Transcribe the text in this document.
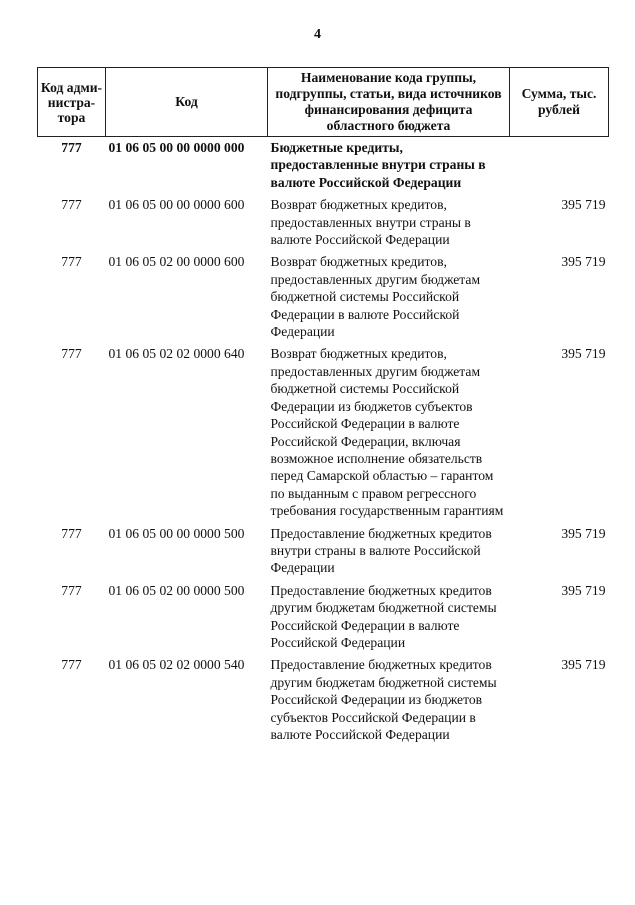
4
Код адми-нистра-тора	Код	Наименование кода группы, подгруппы, статьи, вида источников финансирования дефицита областного бюджета	Сумма, тыс. рублей
777	01 06 05 00 00 0000 000	Бюджетные кредиты, предоставленные внутри страны в валюте Российской Федерации	
777	01 06 05 00 00 0000 600	Возврат бюджетных кредитов, предоставленных внутри страны в валюте Российской Федерации	395 719
777	01 06 05 02 00 0000 600	Возврат бюджетных кредитов, предоставленных другим бюджетам бюджетной системы Российской Федерации в валюте Российской Федерации	395 719
777	01 06 05 02 02 0000 640	Возврат бюджетных кредитов, предоставленных другим бюджетам бюджетной системы Российской Федерации из бюджетов субъектов Российской Федерации в валюте Российской Федерации, включая возможное исполнение обязательств перед Самарской областью – гарантом по выданным с правом регрессного требования государственным гарантиям	395 719
777	01 06 05 00 00 0000 500	Предоставление бюджетных кредитов внутри страны в валюте Российской Федерации	395 719
777	01 06 05 02 00 0000 500	Предоставление бюджетных кредитов другим бюджетам бюджетной системы Российской Федерации в валюте Российской Федерации	395 719
777	01 06 05 02 02 0000 540	Предоставление бюджетных кредитов другим бюджетам бюджетной системы Российской Федерации из бюджетов субъектов Российской Федерации в валюте Российской Федерации	395 719
